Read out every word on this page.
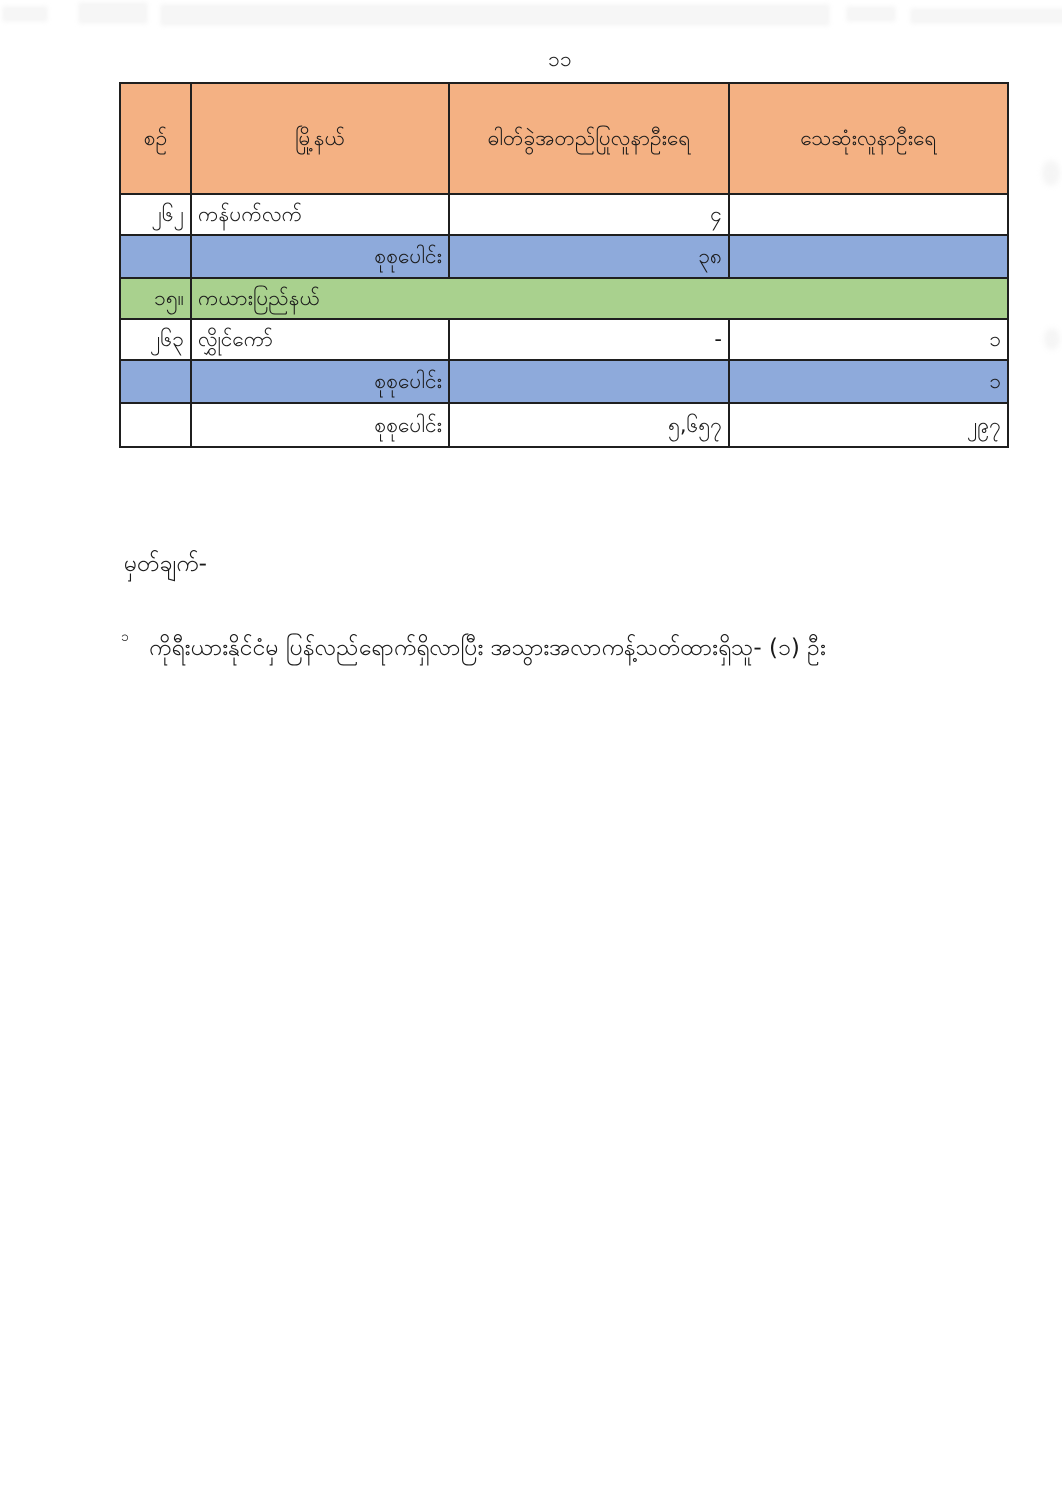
၁၁
စဉ်	မြို့နယ်	ဓါတ်ခွဲအတည်ပြုလူနာဦးရေ	သေဆုံးလူနာဦးရေ
၂၆၂	ကန်ပက်လက်	၄	
	စုစုပေါင်း	၃၈	
၁၅။	ကယားပြည်နယ်		
၂၆၃	လွှိုင်ကော်	-	၁
	စုစုပေါင်း		၁
	စုစုပေါင်း	၅,၆၅၇	၂၉၇
မှတ်ချက်-
၁ ကိုရီးယားနိုင်ငံမှ ပြန်လည်ရောက်ရှိလာပြီး အသွားအလာကန့်သတ်ထားရှိသူ- (၁) ဦး
